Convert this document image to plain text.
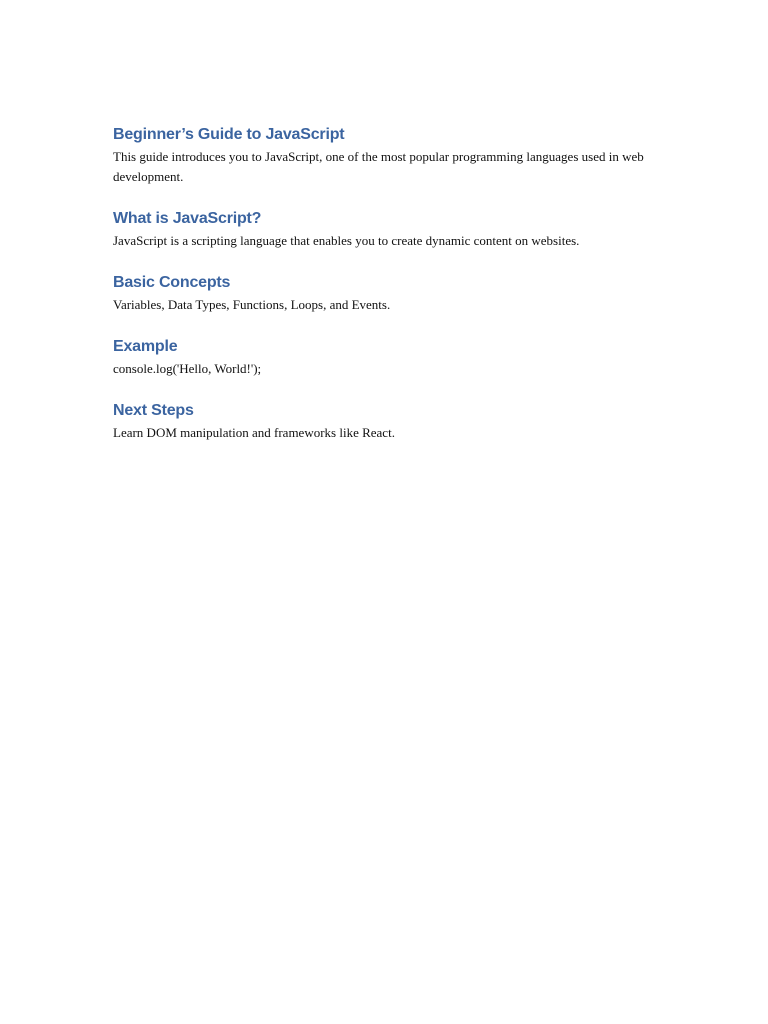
Beginner’s Guide to JavaScript

This guide introduces you to JavaScript, one of the most popular programming languages used in web development.

What is JavaScript?

JavaScript is a scripting language that enables you to create dynamic content on websites.

Basic Concepts

Variables, Data Types, Functions, Loops, and Events.

Example

console.log('Hello, World!');

Next Steps

Learn DOM manipulation and frameworks like React.
